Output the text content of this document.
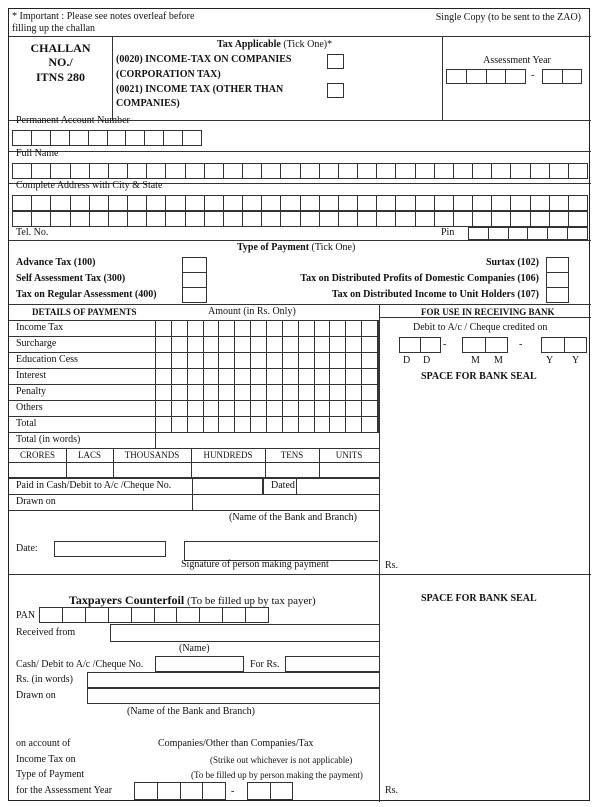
* Important : Please see notes overleaf before
filling up the challan
Single Copy (to be sent to the ZAO)
CHALLAN
NO./
ITNS 280
Tax Applicable (Tick One)*
(0020) INCOME-TAX ON COMPANIES
(CORPORATION TAX)
(0021) INCOME TAX (OTHER THAN
COMPANIES)
Assessment Year
-
Permanent Account Number
Full Name
Complete Address with City & State
Tel. No.	Pin
Type of Payment (Tick One)
Advance Tax (100)
Self Assessment Tax (300)
Tax on Regular Assessment (400)
Surtax (102)
Tax on Distributed Profits of Domestic Companies (106)
Tax on Distributed Income to Unit Holders (107)
DETAILS OF PAYMENTS	Amount (in Rs. Only)
Income Tax
Surcharge
Education Cess
Interest
Penalty
Others
Total
Total (in words)
CRORES	LACS	THOUSANDS	HUNDREDS	TENS	UNITS
Paid in Cash/Debit to A/c /Cheque No.	Dated
Drawn on
(Name of the Bank and Branch)
Date:
Signature of person making payment
FOR USE IN RECEIVING BANK
Debit to A/c / Cheque credited on
-	-
D D	M M	Y Y
SPACE FOR BANK SEAL
Rs.
Taxpayers Counterfoil (To be filled up by tax payer)
PAN
Received from
(Name)
Cash/ Debit to A/c /Cheque No.	For Rs.
Rs. (in words)
Drawn on
(Name of the Bank and Branch)
on account of	Companies/Other than Companies/Tax
Income Tax on	(Strike out whichever is not applicable)
Type of Payment	(To be filled up by person making the payment)
for the Assessment Year	-
SPACE FOR BANK SEAL
Rs.
